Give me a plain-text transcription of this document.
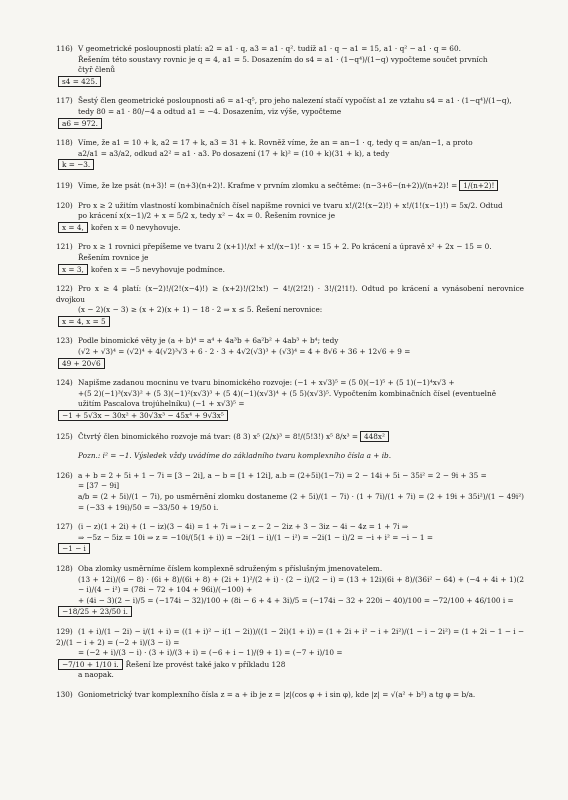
116) V geometrické posloupnosti platí: a2 = a1 · q, a3 = a1 · q². tudíž a1 · q − a1 = 15, a1 · q² − a1 · q = 60.
Řešením této soustavy rovnic je q = 4, a1 = 5. Dosazením do s4 = a1 · (1−q⁴)/(1−q) vypočteme součet prvních
čtyř členů
s4 = 425.
117) Šestý člen geometrické posloupnosti a6 = a1·q⁵, pro jeho nalezení stačí vypočíst a1 ze vztahu s4 = a1 · (1−q⁴)/(1−q),
tedy 80 = a1 · 80/−4 a odtud a1 = −4. Dosazením, viz výše, vypočteme
a6 = 972.
118) Víme, že a1 = 10 + k, a2 = 17 + k, a3 = 31 + k. Rovněž víme, že an = an−1 · q, tedy q = an/an−1, a proto
a2/a1 = a3/a2, odkud a2² = a1 · a3. Po dosazení (17 + k)² = (10 + k)(31 + k), a tedy
k = −3.
119) Víme, že lze psát (n+3)! = (n+3)(n+2)!. Krafme v prvním zlomku a sečtěme: (n−3+6−(n+2))/(n+2)! = 1/(n+2)!
120) Pro x ≥ 2 užitím vlastností kombinačních čísel napíšme rovnici ve tvaru x!/(2!(x−2)!) + x!/(1!(x−1)!) = 5x/2. Odtud
po krácení x(x−1)/2 + x = 5/2 x, tedy x² − 4x = 0. Řešením rovnice je
x = 4, kořen x = 0 nevyhovuje.
121) Pro x ≥ 1 rovnici přepíšeme ve tvaru 2 (x+1)!/x! + x!/(x−1)! · x = 15 + 2. Po krácení a úpravě x² + 2x − 15 = 0.
Řešením rovnice je
x = 3, kořen x = −5 nevyhovuje podmínce.
122) Pro x ≥ 4 platí: (x−2)!/(2!(x−4)!) ≥ (x+2)!/(2!x!) − 4!/(2!2!) · 3!/(2!1!). Odtud po krácení a vynásobení nerovnice dvojkou
(x − 2)(x − 3) ≥ (x + 2)(x + 1) − 18 · 2 ⇒ x ≤ 5. Řešení nerovnice:
x = 4, x = 5
123) Podle binomické věty je (a + b)⁴ = a⁴ + 4a³b + 6a²b² + 4ab³ + b⁴; tedy
(√2 + √3)⁴ = (√2)⁴ + 4(√2)³√3 + 6 · 2 · 3 + 4√2(√3)³ + (√3)⁴ = 4 + 8√6 + 36 + 12√6 + 9 =
49 + 20√6
124) Napišme zadanou mocninu ve tvaru binomického rozvoje: (−1 + x√3)⁵ = (5 0)(−1)⁵ + (5 1)(−1)⁴x√3 +
+(5 2)(−1)³(x√3)² + (5 3)(−1)²(x√3)³ + (5 4)(−1)(x√3)⁴ + (5 5)(x√3)⁵. Vypočtením kombinačních čísel (eventuelně
užitím Pascalova trojúhelníku) (−1 + x√3)⁵ =
−1 + 5√3x − 30x² + 30√3x³ − 45x⁴ + 9√3x⁵
125) Čtvrtý člen binomického rozvoje má tvar: (8 3) x⁵ (2/x)³ = 8!/(5!3!) x⁵ 8/x³ = 448x²
Pozn.: i² = −1. Výsledek vždy uvádíme do základního tvaru komplexního čísla a + ib.
126) a + b = 2 + 5i + 1 − 7i = [3 − 2i], a − b = [1 + 12i], a.b = (2+5i)(1−7i) = 2 − 14i + 5i − 35i² = 2 − 9i + 35 =
= [37 − 9i]
a/b = (2 + 5i)/(1 − 7i), po usměrnění zlomku dostaneme (2 + 5i)/(1 − 7i) · (1 + 7i)/(1 + 7i) = (2 + 19i + 35i²)/(1 − 49i²) = (−33 + 19i)/50 = −33/50 + 19/50 i.
127) (i − z)(1 + 2i) + (1 − iz)(3 − 4i) = 1 + 7i ⇒ i − z − 2 − 2iz + 3 − 3iz − 4i − 4z = 1 + 7i ⇒
⇒ −5z − 5iz = 10i ⇒ z = −10i/(5(1 + i)) = −2i(1 − i)/(1 − i²) = −2i(1 − i)/2 = −i + i² = −i − 1 =
−1 − i
128) Oba zlomky usměrníme číslem komplexně sdruženým s příslušným jmenovatelem.
(13 + 12i)/(6 − 8) · (6i + 8)/(6i + 8) + (2i + 1)²/(2 + i) · (2 − i)/(2 − i) = (13 + 12i)(6i + 8)/(36i² − 64) + (−4 + 4i + 1)(2 − i)/(4 − i²) = (78i − 72 + 104 + 96i)/(−100) +
+ (4i − 3)(2 − i)/5 = (−174i − 32)/100 + (8i − 6 + 4 + 3i)/5 = (−174i − 32 + 220i − 40)/100 = −72/100 + 46/100 i =
−18/25 + 23/50 i.
129) (1 + i)/(1 − 2i) − i/(1 + i) = ((1 + i)² − i(1 − 2i))/((1 − 2i)(1 + i)) = (1 + 2i + i² − i + 2i²)/(1 − i − 2i²) = (1 + 2i − 1 − i − 2)/(1 − i + 2) = (−2 + i)/(3 − i) =
= (−2 + i)/(3 − i) · (3 + i)/(3 + i) = (−6 + i − 1)/(9 + 1) = (−7 + i)/10 =
−7/10 + 1/10 i. Řešení lze provést také jako v příkladu 128
a naopak.
130) Goniometrický tvar komplexního čísla z = a + ib je z = |z|(cos φ + i sin φ), kde |z| = √(a² + b²) a tg φ = b/a.
